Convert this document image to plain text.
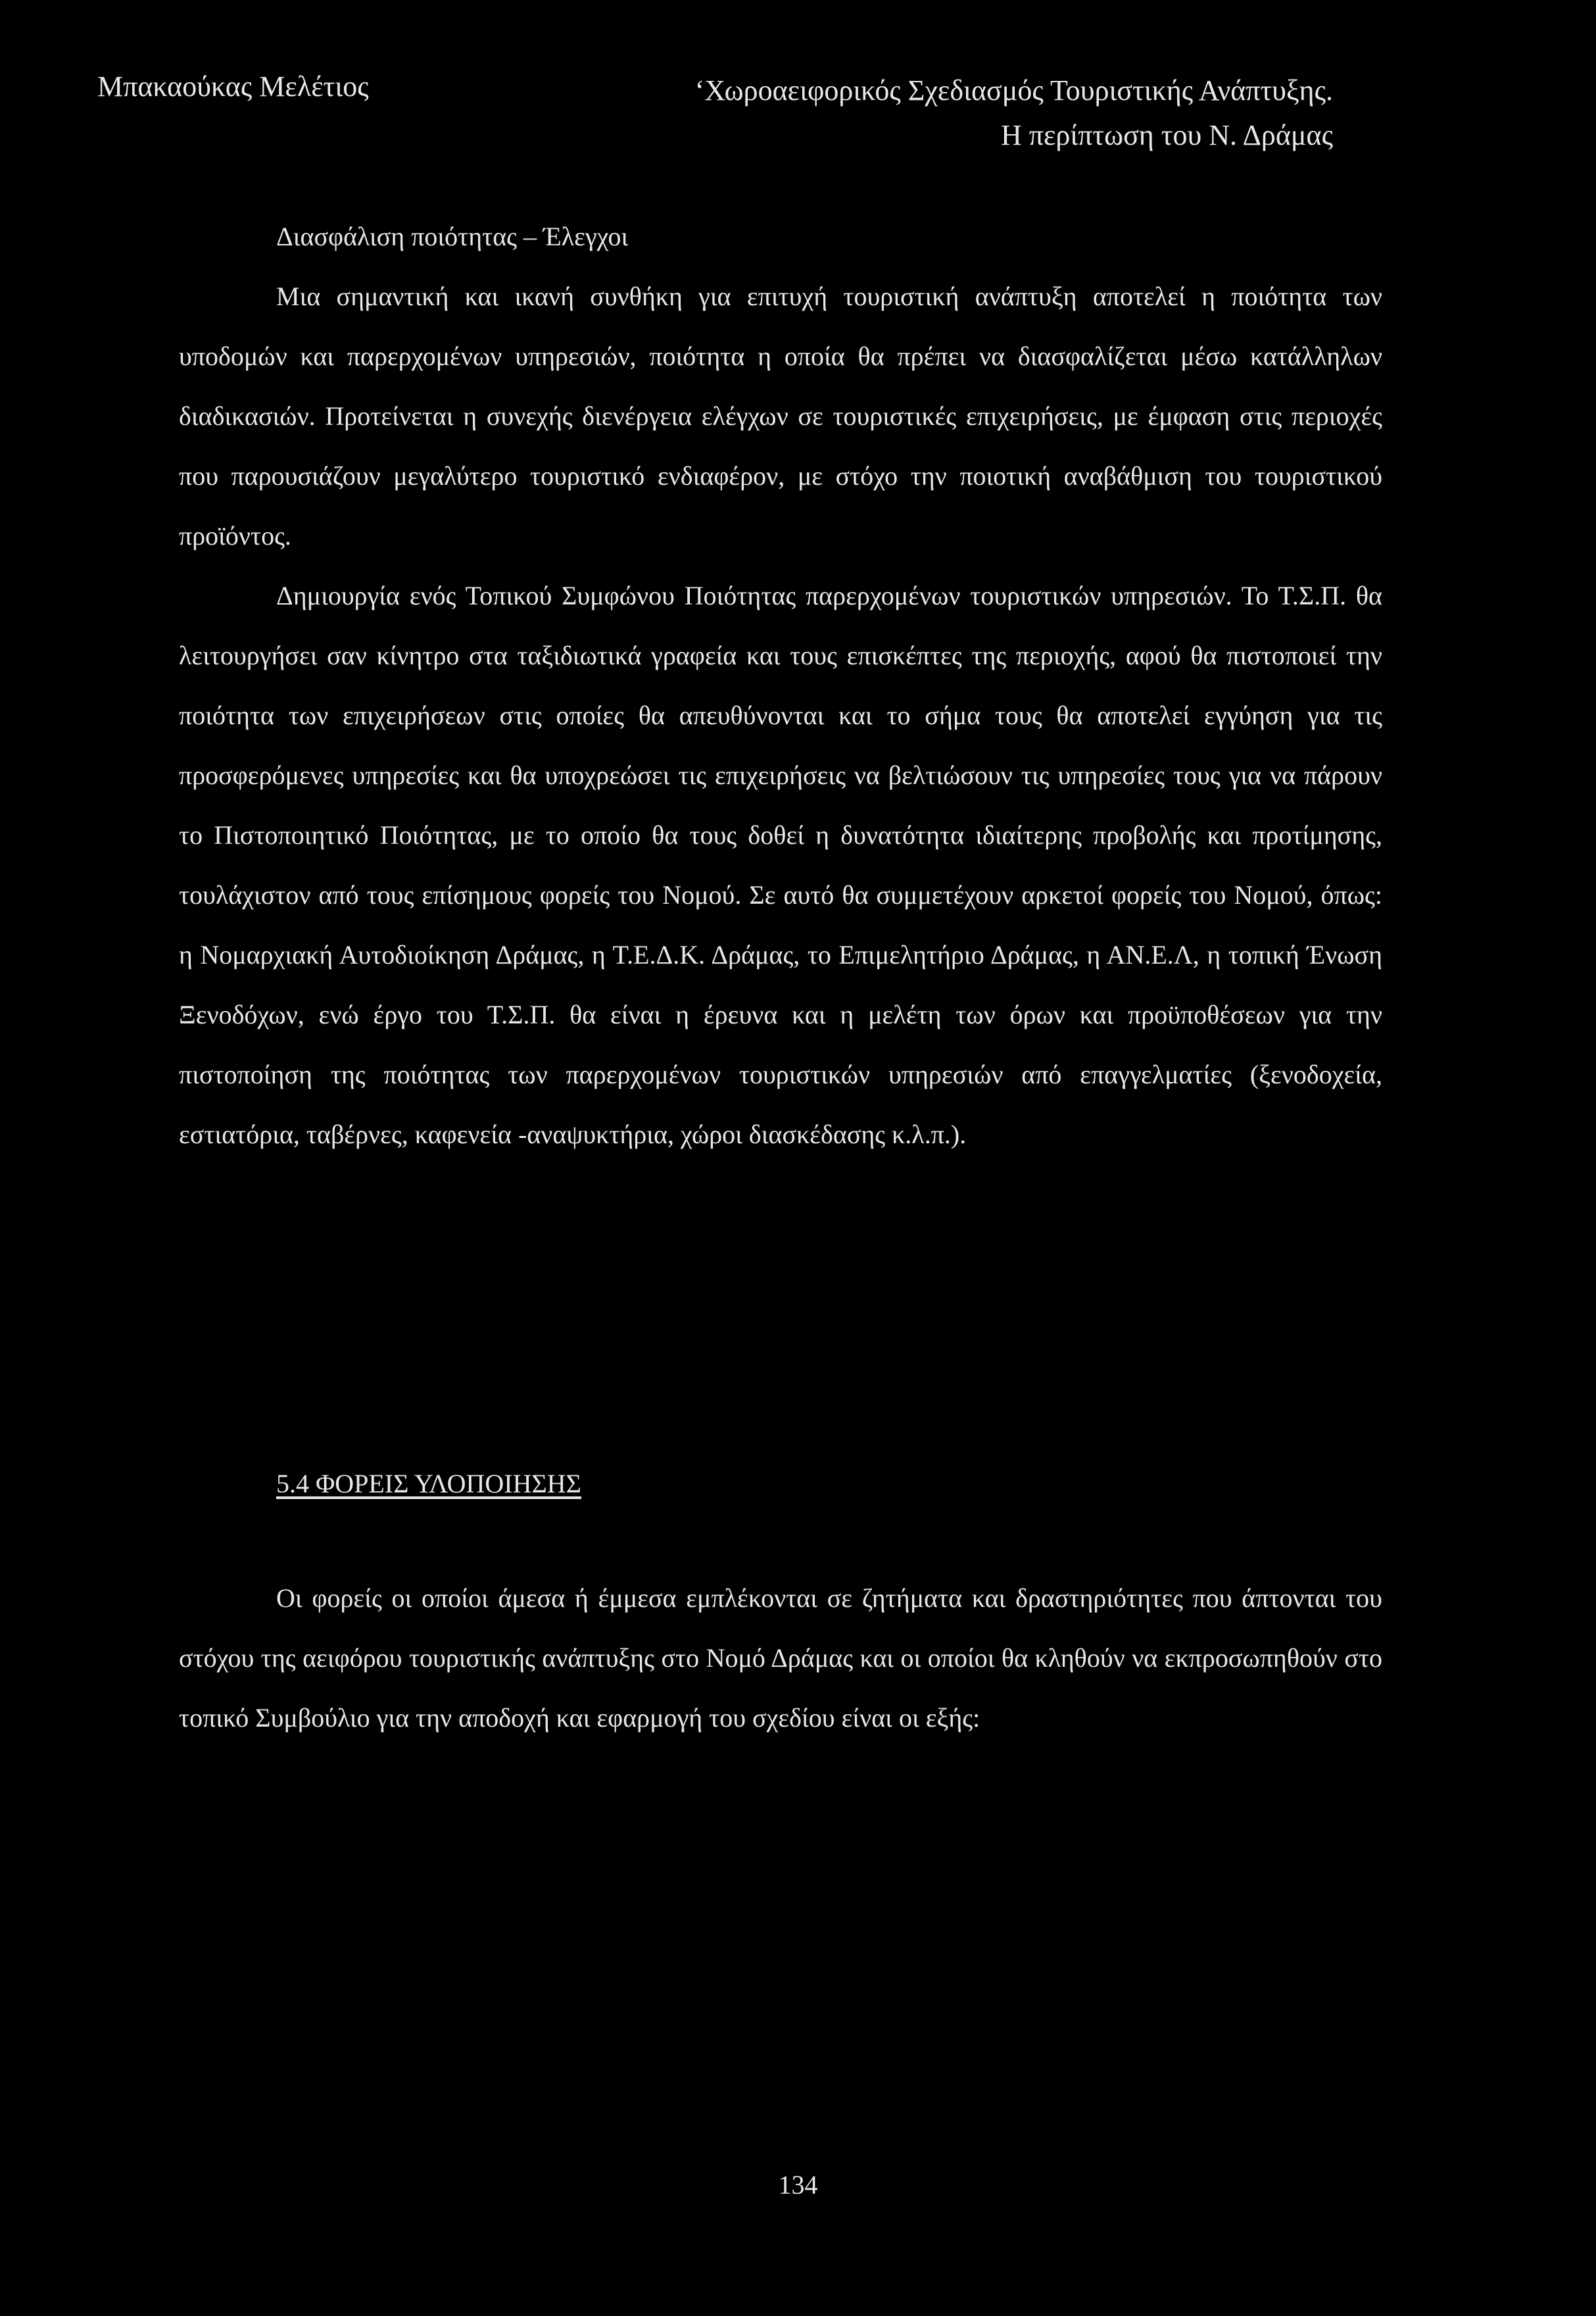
Μπακαούκας Μελέτιος	‘Χωροαειφορικός Σχεδιασμός Τουριστικής Ανάπτυξης.
Η περίπτωση του Ν. Δράμας

Διασφάλιση ποιότητας – Έλεγχοι

Μια σημαντική και ικανή συνθήκη για επιτυχή τουριστική ανάπτυξη αποτελεί η ποιότητα των υποδομών και παρερχομένων υπηρεσιών, ποιότητα η οποία θα πρέπει να διασφαλίζεται μέσω κατάλληλων διαδικασιών. Προτείνεται η συνεχής διενέργεια ελέγχων σε τουριστικές επιχειρήσεις, με έμφαση στις περιοχές που παρουσιάζουν μεγαλύτερο τουριστικό ενδιαφέρον, με στόχο την ποιοτική αναβάθμιση του τουριστικού προϊόντος.

Δημιουργία ενός Τοπικού Συμφώνου Ποιότητας παρερχομένων τουριστικών υπηρεσιών. Το Τ.Σ.Π. θα λειτουργήσει σαν κίνητρο στα ταξιδιωτικά γραφεία και τους επισκέπτες της περιοχής, αφού θα πιστοποιεί την ποιότητα των επιχειρήσεων στις οποίες θα απευθύνονται και το σήμα τους θα αποτελεί εγγύηση για τις προσφερόμενες υπηρεσίες και θα υποχρεώσει τις επιχειρήσεις να βελτιώσουν τις υπηρεσίες τους για να πάρουν το Πιστοποιητικό Ποιότητας, με το οποίο θα τους δοθεί η δυνατότητα ιδιαίτερης προβολής και προτίμησης, τουλάχιστον από τους επίσημους φορείς του Νομού. Σε αυτό θα συμμετέχουν αρκετοί φορείς του Νομού, όπως: η Νομαρχιακή Αυτοδιοίκηση Δράμας, η Τ.Ε.Δ.Κ. Δράμας, το Επιμελητήριο Δράμας, η ΑΝ.Ε.Λ, η τοπική Ένωση Ξενοδόχων, ενώ έργο του Τ.Σ.Π. θα είναι η έρευνα και η μελέτη των όρων και προϋποθέσεων για την πιστοποίηση της ποιότητας των παρερχομένων τουριστικών υπηρεσιών από επαγγελματίες (ξενοδοχεία, εστιατόρια, ταβέρνες, καφενεία -αναψυκτήρια, χώροι διασκέδασης κ.λ.π.).

5.4 ΦΟΡΕΙΣ ΥΛΟΠΟΙΗΣΗΣ

Οι φορείς οι οποίοι άμεσα ή έμμεσα εμπλέκονται σε ζητήματα και δραστηριότητες που άπτονται του στόχου της αειφόρου τουριστικής ανάπτυξης στο Νομό Δράμας και οι οποίοι θα κληθούν να εκπροσωπηθούν στο τοπικό Συμβούλιο για την αποδοχή και εφαρμογή του σχεδίου είναι οι εξής:

134
